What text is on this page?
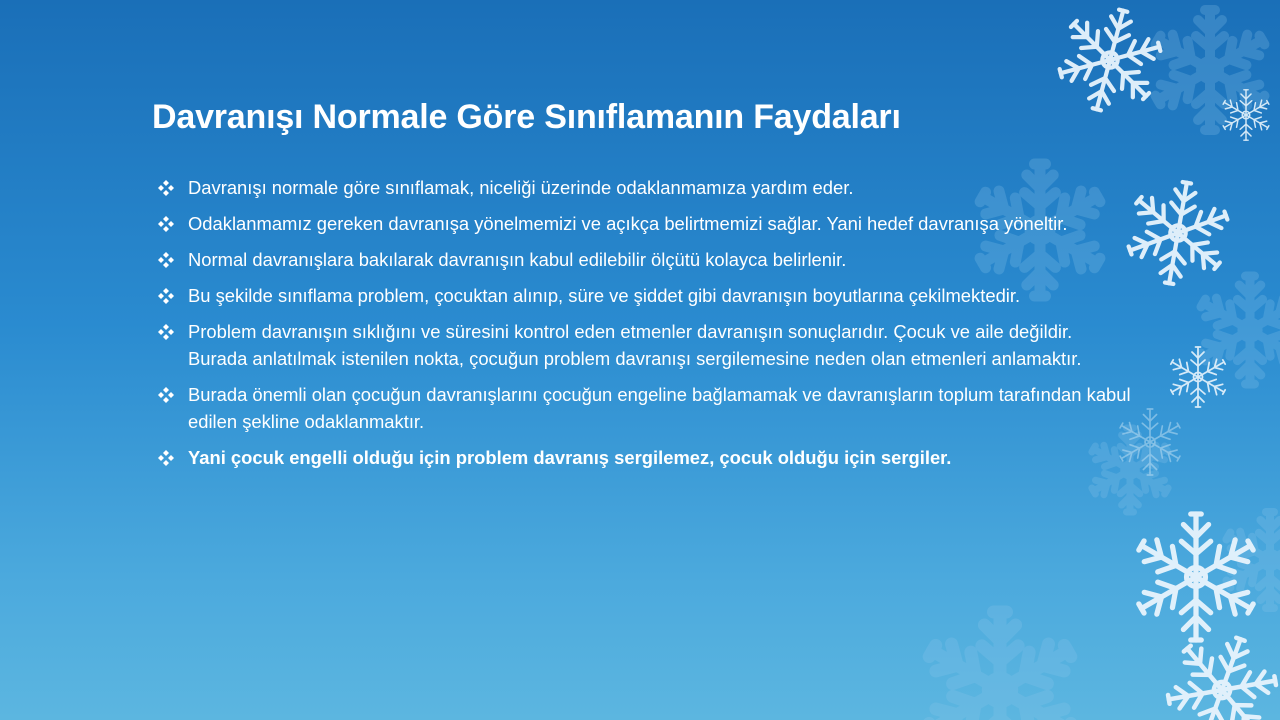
Davranışı Normale Göre Sınıflamanın Faydaları
Davranışı normale göre sınıflamak, niceliği üzerinde odaklanmamıza yardım eder.
Odaklanmamız gereken davranışa yönelmemizi ve açıkça belirtmemizi sağlar. Yani hedef davranışa yöneltir.
Normal davranışlara bakılarak davranışın kabul edilebilir ölçütü kolayca belirlenir.
Bu şekilde sınıflama problem, çocuktan alınıp, süre ve şiddet gibi davranışın boyutlarına çekilmektedir.
Problem davranışın sıklığını ve süresini kontrol eden etmenler davranışın sonuçlarıdır. Çocuk ve aile değildir. Burada anlatılmak istenilen nokta, çocuğun problem davranışı sergilemesine neden olan etmenleri anlamaktır.
Burada önemli olan çocuğun davranışlarını çocuğun engeline bağlamamak ve davranışların toplum tarafından kabul edilen şekline odaklanmaktır.
Yani çocuk engelli olduğu için problem davranış sergilemez, çocuk olduğu için sergiler.
